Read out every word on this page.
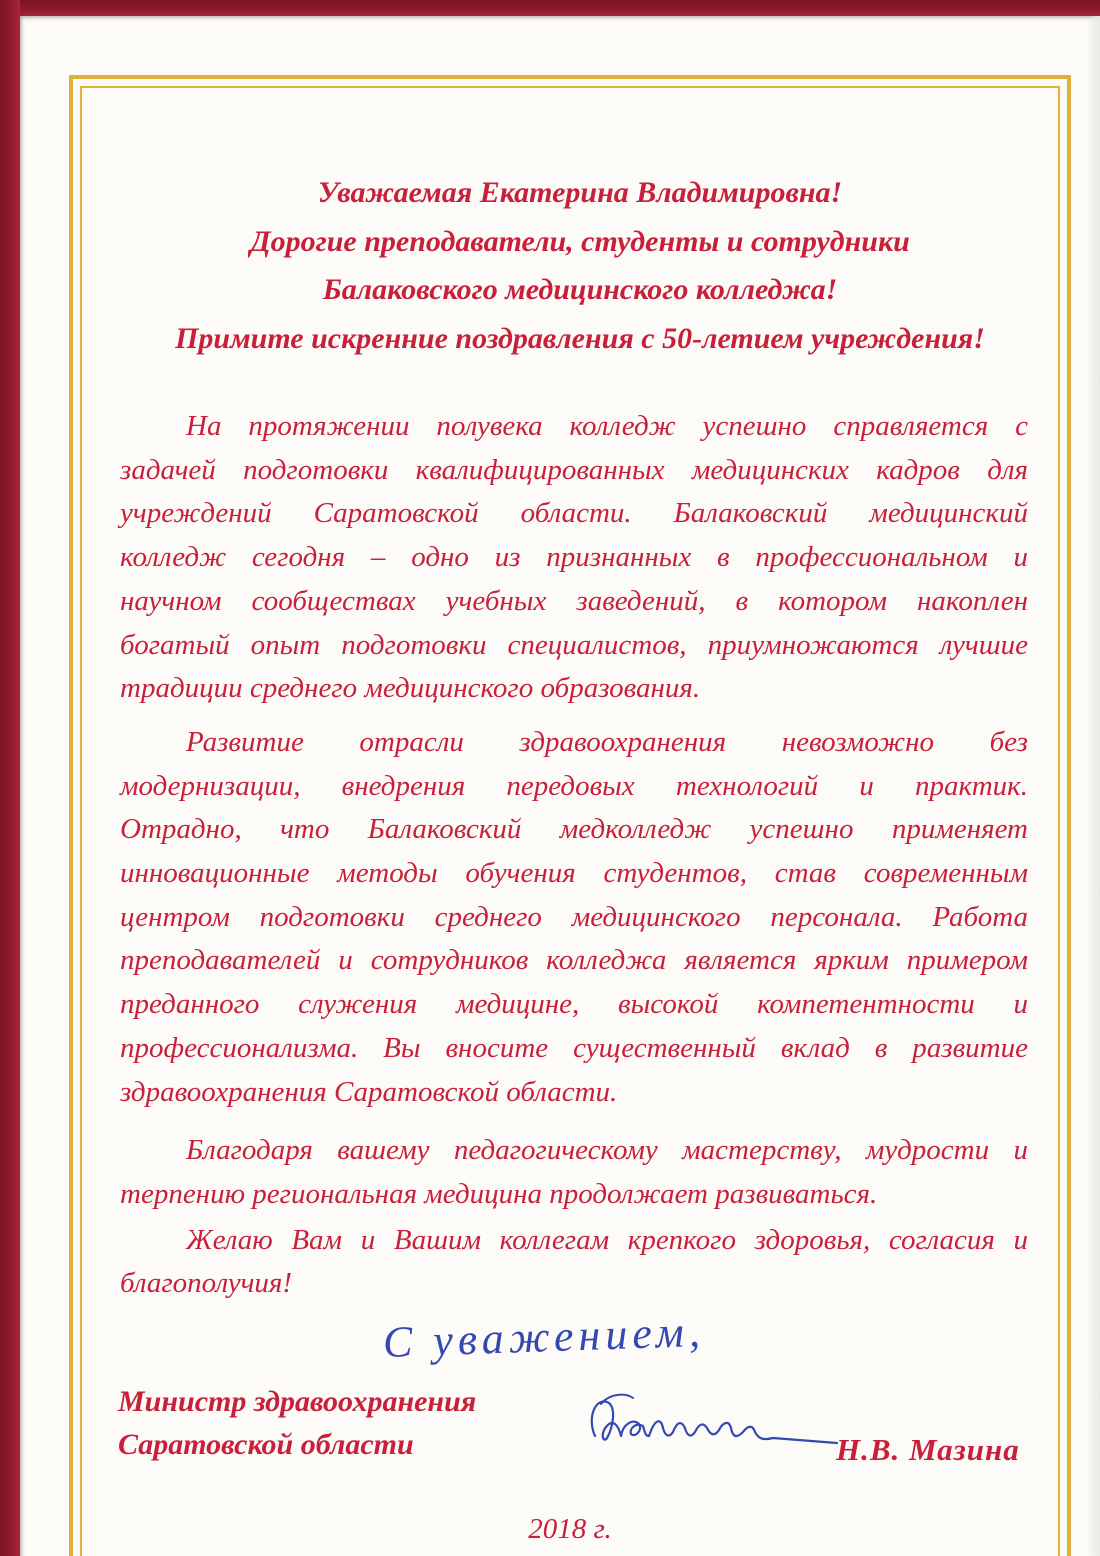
Уважаемая Екатерина Владимировна!
Дорогие преподаватели, студенты и сотрудники
Балаковского медицинского колледжа!
Примите искренние поздравления с 50-летием учреждения!
На протяжении полувека колледж успешно справляется с
задачей подготовки квалифицированных медицинских кадров для
учреждений Саратовской области. Балаковский медицинский
колледж сегодня – одно из признанных в профессиональном и
научном сообществах учебных заведений, в котором накоплен
богатый опыт подготовки специалистов, приумножаются лучшие
традиции среднего медицинского образования.
Развитие отрасли здравоохранения невозможно без
модернизации, внедрения передовых технологий и практик.
Отрадно, что Балаковский медколледж успешно применяет
инновационные методы обучения студентов, став современным
центром подготовки среднего медицинского персонала. Работа
преподавателей и сотрудников колледжа является ярким примером
преданного служения медицине, высокой компетентности и
профессионализма. Вы вносите существенный вклад в развитие
здравоохранения Саратовской области.
Благодаря вашему педагогическому мастерству, мудрости и
терпению региональная медицина продолжает развиваться.
Желаю Вам и Вашим коллегам крепкого здоровья, согласия и
благополучия!
С уважением,
Министр здравоохранения
Саратовской области	Н.В. Мазина
2018 г.
